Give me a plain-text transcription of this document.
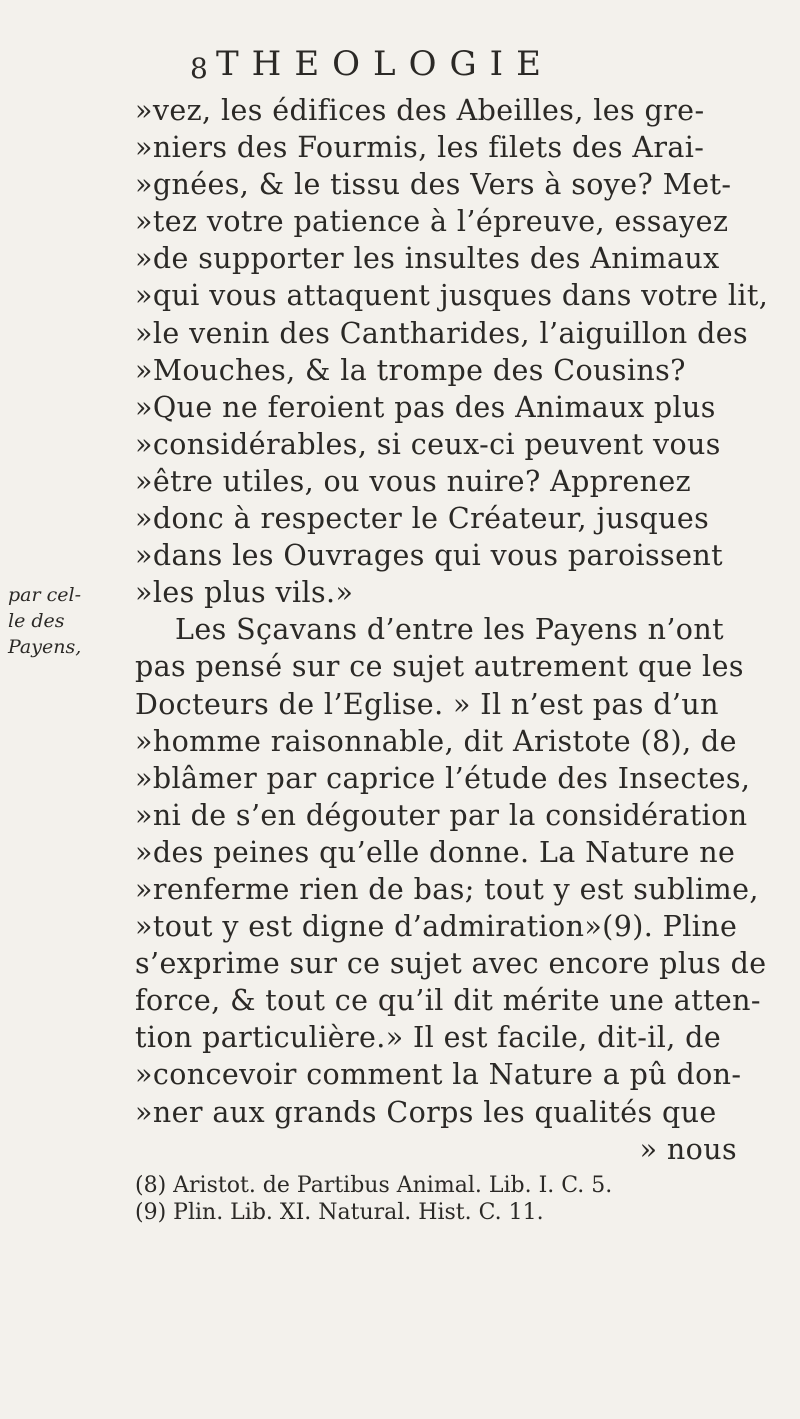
8 THEOLOGIE
par cel-
le des
Payens,
»vez, les édifices des Abeilles, les gre-
»niers des Fourmis, les filets des Arai-
»gnées, & le tissu des Vers à soye? Met-
»tez votre patience à l’épreuve, essayez
»de supporter les insultes des Animaux
»qui vous attaquent jusques dans votre lit,
»le venin des Cantharides, l’aiguillon des
»Mouches, & la trompe des Cousins?
»Que ne feroient pas des Animaux plus
»considérables, si ceux-ci peuvent vous
»être utiles, ou vous nuire? Apprenez
»donc à respecter le Créateur, jusques
»dans les Ouvrages qui vous paroissent
»les plus vils.»
Les Sçavans d’entre les Payens n’ont
pas pensé sur ce sujet autrement que les
Docteurs de l’Eglise. » Il n’est pas d’un
»homme raisonnable, dit Aristote (8), de
»blâmer par caprice l’étude des Insectes,
»ni de s’en dégouter par la considération
»des peines qu’elle donne. La Nature ne
»renferme rien de bas; tout y est sublime,
»tout y est digne d’admiration»(9). Pline
s’exprime sur ce sujet avec encore plus de
force, & tout ce qu’il dit mérite une atten-
tion particulière.» Il est facile, dit-il, de
»concevoir comment la Nature a pû don-
»ner aux grands Corps les qualités que
» nous
(8) Aristot. de Partibus Animal. Lib. I. C. 5.
(9) Plin. Lib. XI. Natural. Hist. C. 11.
